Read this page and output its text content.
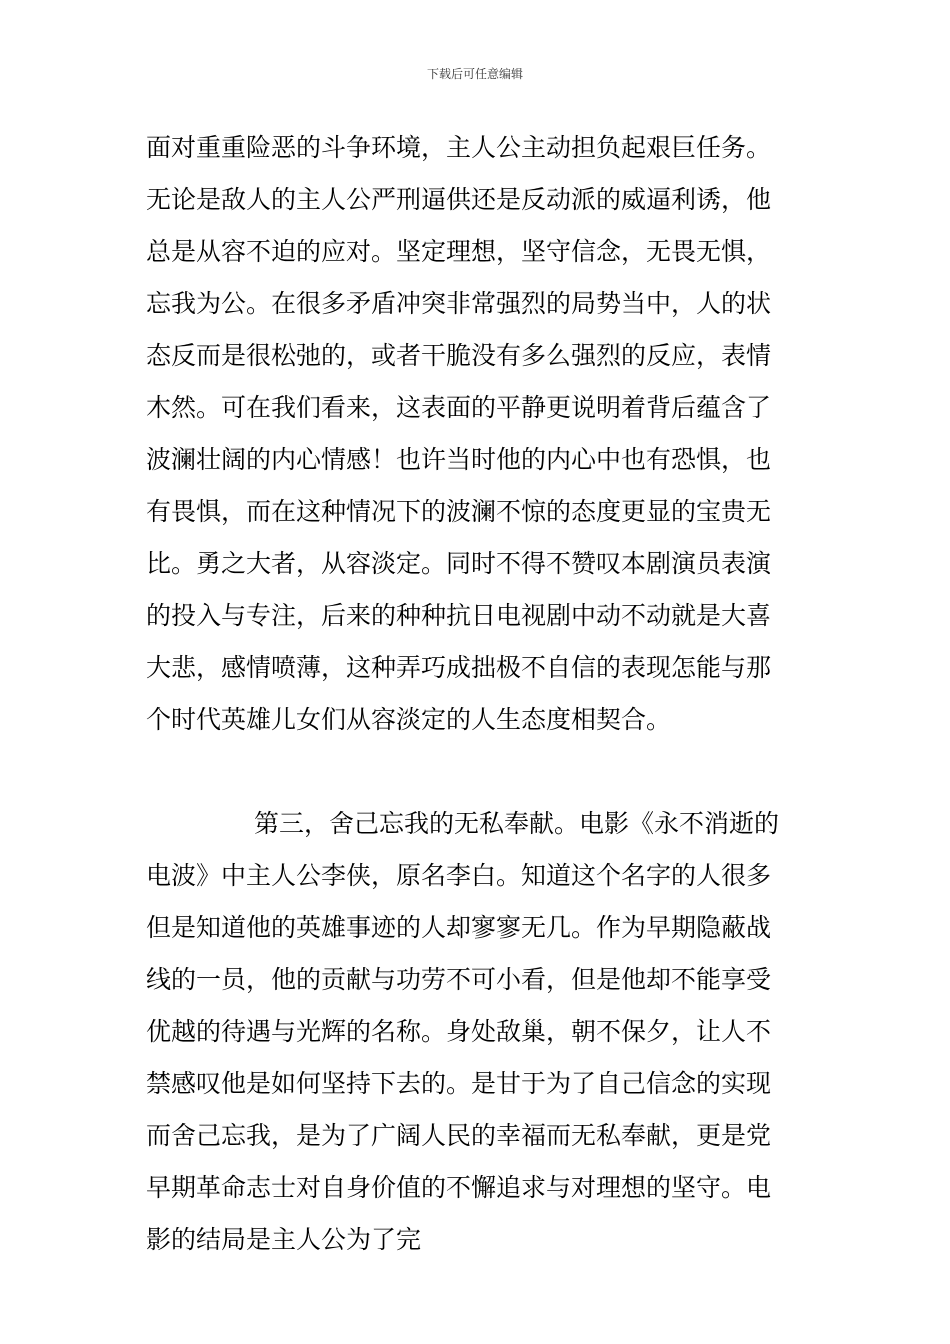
下载后可任意编辑
面对重重险恶的斗争环境，主人公主动担负起艰巨任务。
无论是敌人的主人公严刑逼供还是反动派的威逼利诱，他
总是从容不迫的应对。坚定理想，坚守信念，无畏无惧，
忘我为公。在很多矛盾冲突非常强烈的局势当中，人的状
态反而是很松弛的，或者干脆没有多么强烈的反应，表情
木然。可在我们看来，这表面的平静更说明着背后蕴含了
波澜壮阔的内心情感！也许当时他的内心中也有恐惧，也
有畏惧，而在这种情况下的波澜不惊的态度更显的宝贵无
比。勇之大者，从容淡定。同时不得不赞叹本剧演员表演
的投入与专注，后来的种种抗日电视剧中动不动就是大喜
大悲，感情喷薄，这种弄巧成拙极不自信的表现怎能与那
个时代英雄儿女们从容淡定的人生态度相契合。
第三，舍己忘我的无私奉献。电影《永不消逝的
电波》中主人公李侠，原名李白。知道这个名字的人很多
但是知道他的英雄事迹的人却寥寥无几。作为早期隐蔽战
线的一员，他的贡献与功劳不可小看，但是他却不能享受
优越的待遇与光辉的名称。身处敌巢，朝不保夕，让人不
禁感叹他是如何坚持下去的。是甘于为了自己信念的实现
而舍己忘我，是为了广阔人民的幸福而无私奉献，更是党
早期革命志士对自身价值的不懈追求与对理想的坚守。电
影的结局是主人公为了完
